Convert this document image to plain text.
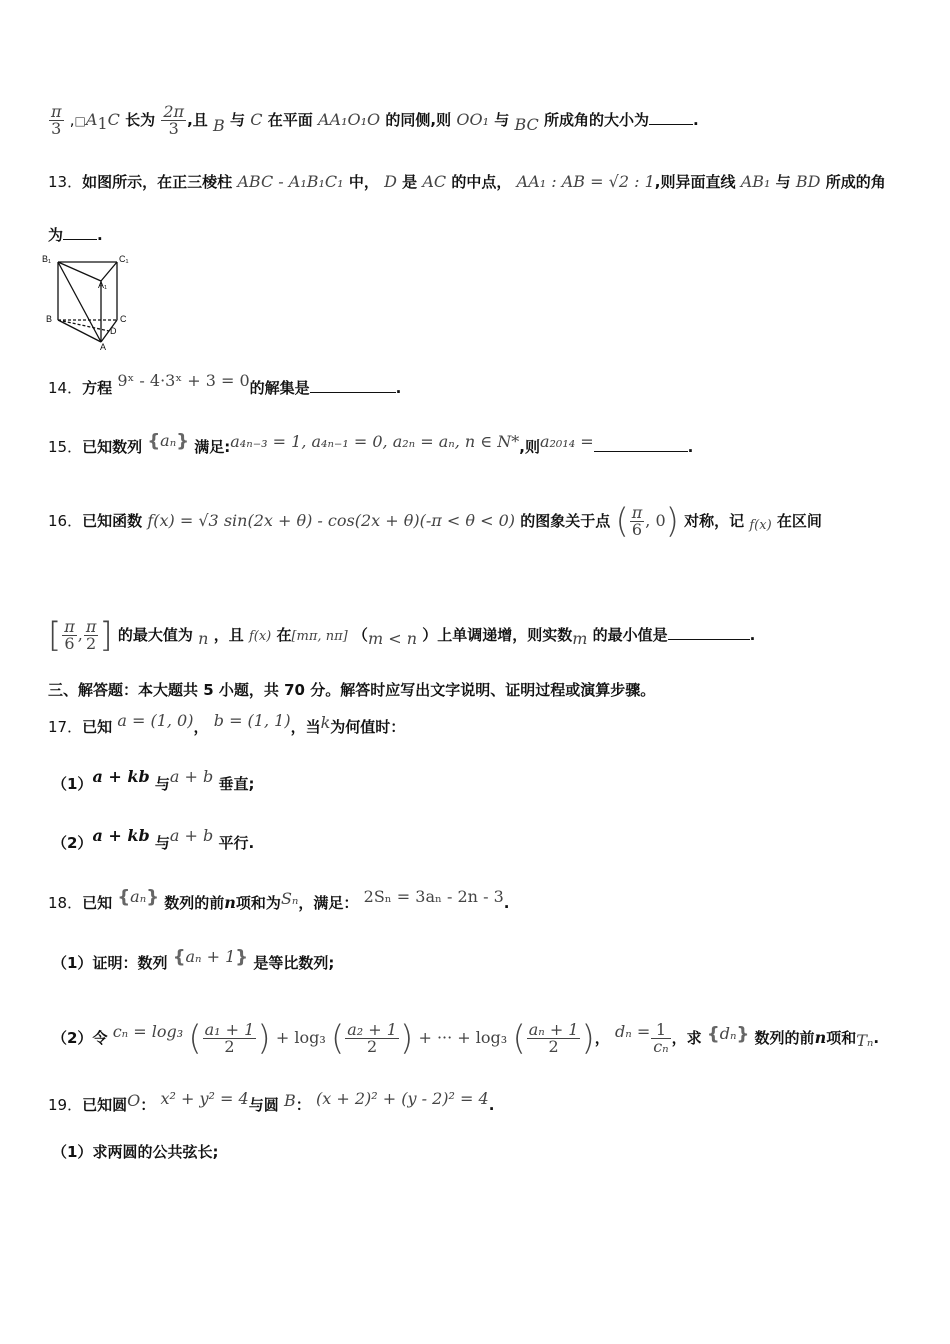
$\frac{\pi}{3}$ $,□A_1C$ 长为 $\frac{2\pi}{3}$ ,且 B 与 C 在平面 AA₁O₁O 的同侧,则 OO₁ 与 BC 所成角的大小为	.
13．如图所示，在正三棱柱 ABC - A₁B₁C₁ 中， D 是 AC 的中点， AA₁ : AB = √2 : 1,则异面直线 AB₁ 与 BD 所成的角
为 .
B₁	C₁
A₁
B	C
D
A
14．方程 9ˣ - 4·3ˣ + 3 = 0的解集是	.
15．已知数列 {aₙ} 满足:a₄ₙ₋₃ = 1, a₄ₙ₋₁ = 0, a₂ₙ = aₙ, n ∈ N*,则a₂₀₁₄ =	.
16．已知函数 f(x) = √3 sin(2x + θ) - cos(2x + θ)(-π < θ < 0) 的图象关于点 ( $\frac{\pi}{6}$ , 0) 对称，记 f(x) 在区间
[ $\frac{\pi}{6}$ , $\frac{\pi}{2}$ ] 的最大值为 n ，且 f(x) 在[mπ, nπ] （m < n ）上单调递增，则实数m 的最小值是	.
三、解答题：本大题共 5 小题，共 70 分。解答时应写出文字说明、证明过程或演算步骤。
17．已知 a = (1, 0)， b = (1, 1)，当k为何值时：
（1）a + kb 与a + b 垂直;
（2）a + kb 与a + b 平行.
18．已知 {aₙ} 数列的前n项和为Sₙ，满足： 2Sₙ = 3aₙ - 2n - 3.
（1）证明：数列 {aₙ + 1} 是等比数列;
（2）令 cₙ = log₃ ( $\frac{\text{a₁ + 1}}{2}$ ) + log₃ ( $\frac{\text{a₂ + 1}}{2}$ ) + ··· + log₃ ( $\frac{\text{aₙ + 1}}{2}$ )， $d_n = \frac{1}{\text{cₙ}}$ ，求 {dₙ} 数列的前n项和Tₙ.
19．已知圆O： x² + y² = 4与圆 B： (x + 2)² + (y - 2)² = 4.
（1）求两圆的公共弦长;
